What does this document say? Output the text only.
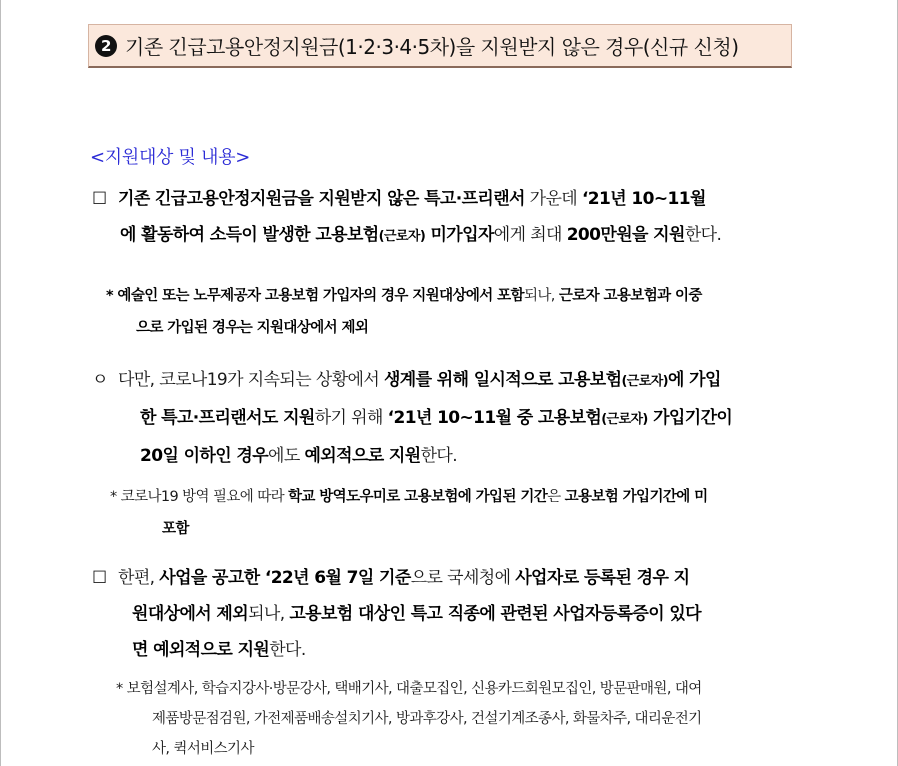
2 기존 긴급고용안정지원금(1·2·3·4·5차)을 지원받지 않은 경우(신규 신청)
<지원대상 및 내용>
☐ 기존 긴급고용안정지원금을 지원받지 않은 특고·프리랜서 가운데 ‘21년 10~11월
에 활동하여 소득이 발생한 고용보험(근로자) 미가입자에게 최대 200만원을 지원한다.
* 예술인 또는 노무제공자 고용보험 가입자의 경우 지원대상에서 포함되나, 근로자 고용보험과 이중
으로 가입된 경우는 지원대상에서 제외
ㅇ 다만, 코로나19가 지속되는 상황에서 생계를 위해 일시적으로 고용보험(근로자)에 가입
한 특고·프리랜서도 지원하기 위해 ‘21년 10~11월 중 고용보험(근로자) 가입기간이
20일 이하인 경우에도 예외적으로 지원한다.
* 코로나19 방역 필요에 따라 학교 방역도우미로 고용보험에 가입된 기간은 고용보험 가입기간에 미
포함
☐ 한편, 사업을 공고한 ‘22년 6월 7일 기준으로 국세청에 사업자로 등록된 경우 지
원대상에서 제외되나, 고용보험 대상인 특고 직종에 관련된 사업자등록증이 있다
면 예외적으로 지원한다.
* 보험설계사, 학습지강사·방문강사, 택배기사, 대출모집인, 신용카드회원모집인, 방문판매원, 대여
제품방문점검원, 가전제품배송설치기사, 방과후강사, 건설기계조종사, 화물차주, 대리운전기
사, 퀵서비스기사
